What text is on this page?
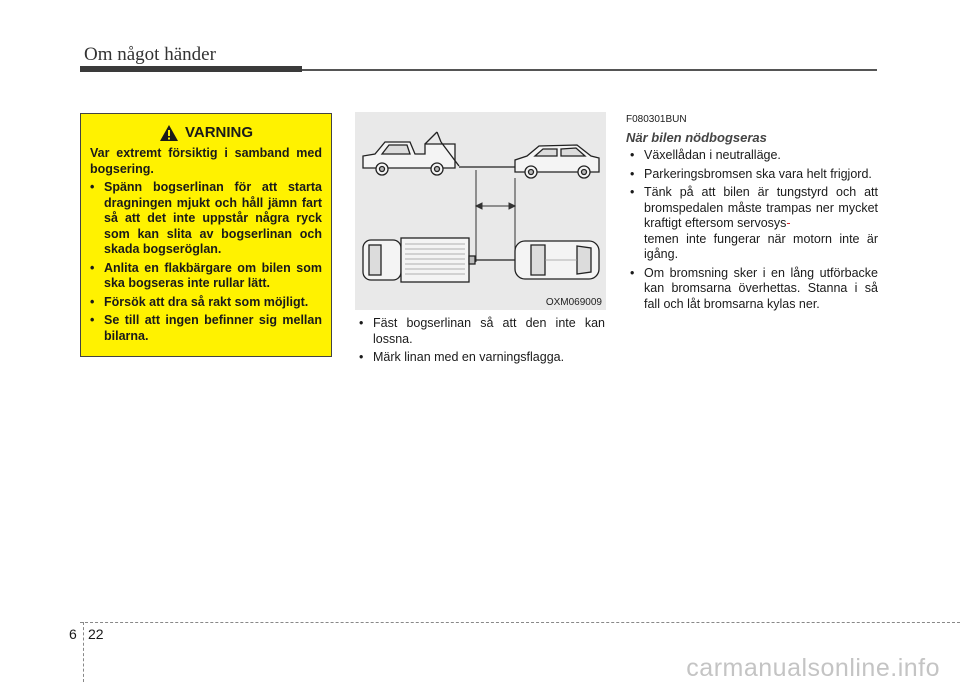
Om något händer
VARNING
Var extremt försiktig i samband med bogsering.
• Spänn bogserlinan för att starta dragningen mjukt och håll jämn fart så att det inte uppstår några ryck som kan slita av bogserlinan och skada bogseröglan.
• Anlita en flakbärgare om bilen som ska bogseras inte rullar lätt.
• Försök att dra så rakt som möjligt.
• Se till att ingen befinner sig mellan bilarna.
OXM069009
• Fäst bogserlinan så att den inte kan lossna.
• Märk linan med en varningsflagga.
F080301BUN
När bilen nödbogseras
• Växellådan i neutralläge.
• Parkeringsbromsen ska vara helt frigjord.
• Tänk på att bilen är tungstyrd och att bromspedalen måste trampas ner mycket kraftigt eftersom servosys-
temen inte fungerar när motorn inte är igång.
• Om bromsning sker i en lång utförbacke kan bromsarna överhettas. Stanna i så fall och låt bromsarna kylas ner.
6 22
carmanualsonline.info
